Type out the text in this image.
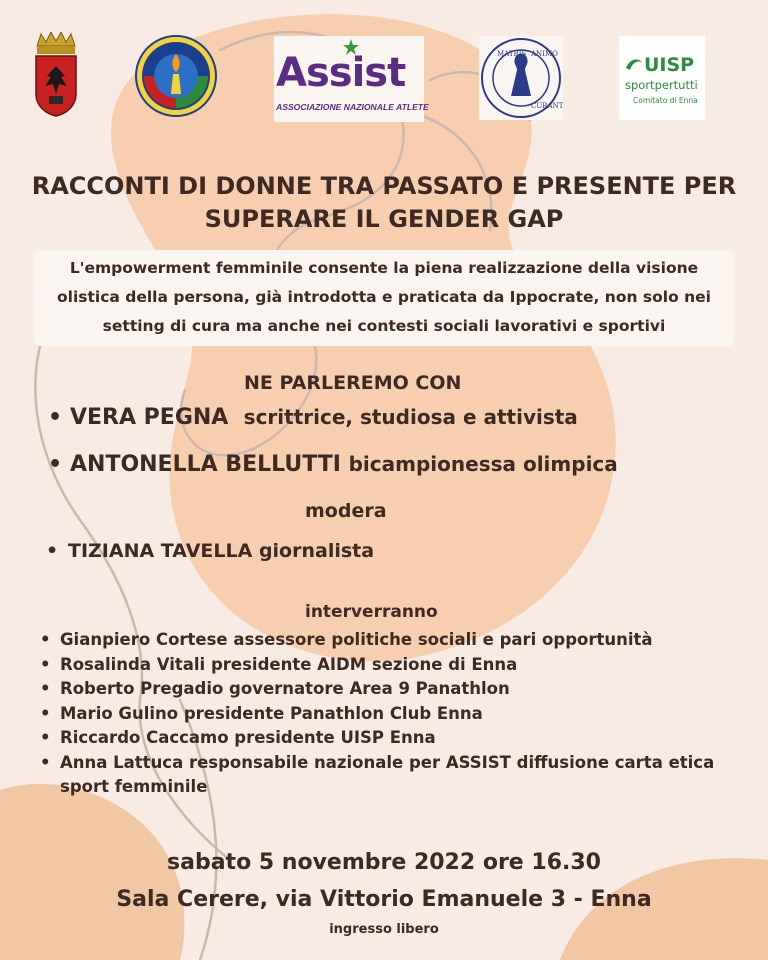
Assist
ASSOCIAZIONE NAZIONALE ATLETE
MATRIS ANIMO
CURANT
UISP
sportpertutti
Comitato di Enna
RACCONTI DI DONNE TRA PASSATO E PRESENTE PER
SUPERARE IL GENDER GAP
L'empowerment femminile consente la piena realizzazione della visione
olistica della persona, già introdotta e praticata da Ippocrate, non solo nei
setting di cura ma anche nei contesti sociali lavorativi e sportivi
NE PARLEREMO CON
• VERA PEGNA scrittrice, studiosa e attivista
• ANTONELLA BELLUTTI bicampionessa olimpica
modera
• TIZIANA TAVELLA giornalista
interverranno
• Gianpiero Cortese assessore politiche sociali e pari opportunità
• Rosalinda Vitali presidente AIDM sezione di Enna
• Roberto Pregadio governatore Area 9 Panathlon
• Mario Gulino presidente Panathlon Club Enna
• Riccardo Caccamo presidente UISP Enna
• Anna Lattuca responsabile nazionale per ASSIST diffusione carta etica sport femminile
sabato 5 novembre 2022 ore 16.30
Sala Cerere, via Vittorio Emanuele 3 - Enna
ingresso libero
